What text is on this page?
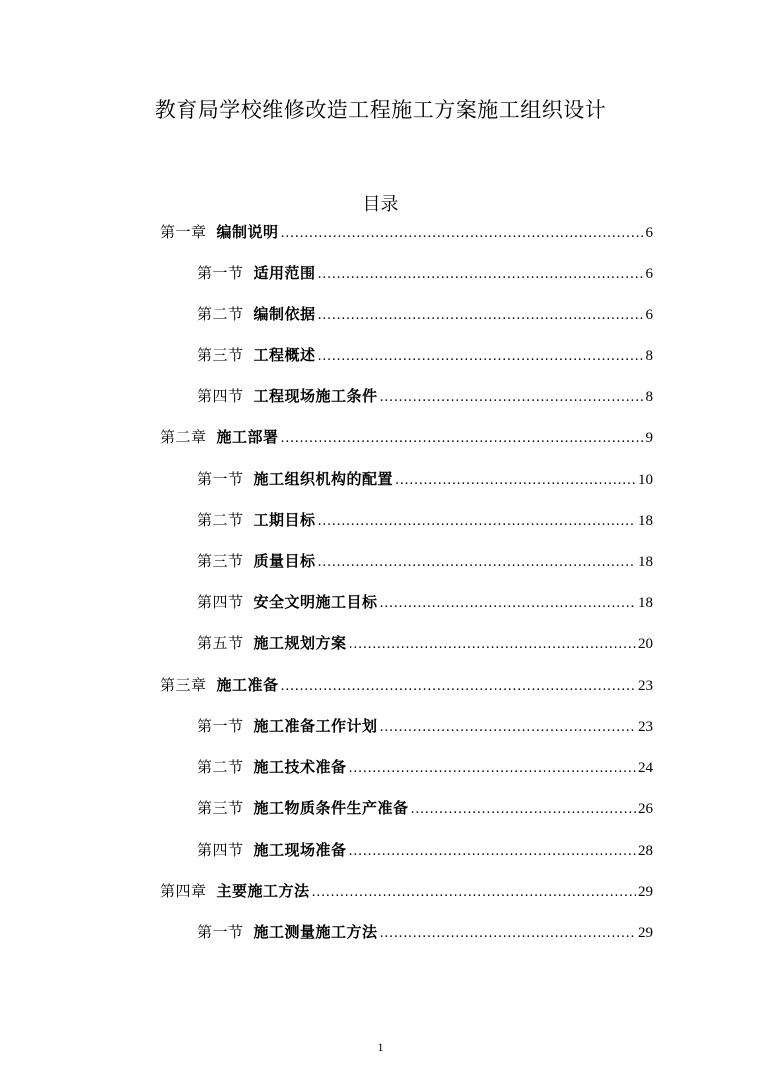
教育局学校维修改造工程施工方案施工组织设计
目录
第一章 编制说明 .....	6
第一节 适用范围 .....	6
第二节 编制依据 .....	6
第三节 工程概述 .....	8
第四节 工程现场施工条件 .....	8
第二章 施工部署 .....	9
第一节 施工组织机构的配置 .....	10
第二节 工期目标 .....	18
第三节 质量目标 .....	18
第四节 安全文明施工目标 .....	18
第五节 施工规划方案 .....	20
第三章 施工准备 .....	23
第一节 施工准备工作计划 .....	23
第二节 施工技术准备 .....	24
第三节 施工物质条件生产准备 .....	26
第四节 施工现场准备 .....	28
第四章 主要施工方法 .....	29
第一节 施工测量施工方法 .....	29
1
